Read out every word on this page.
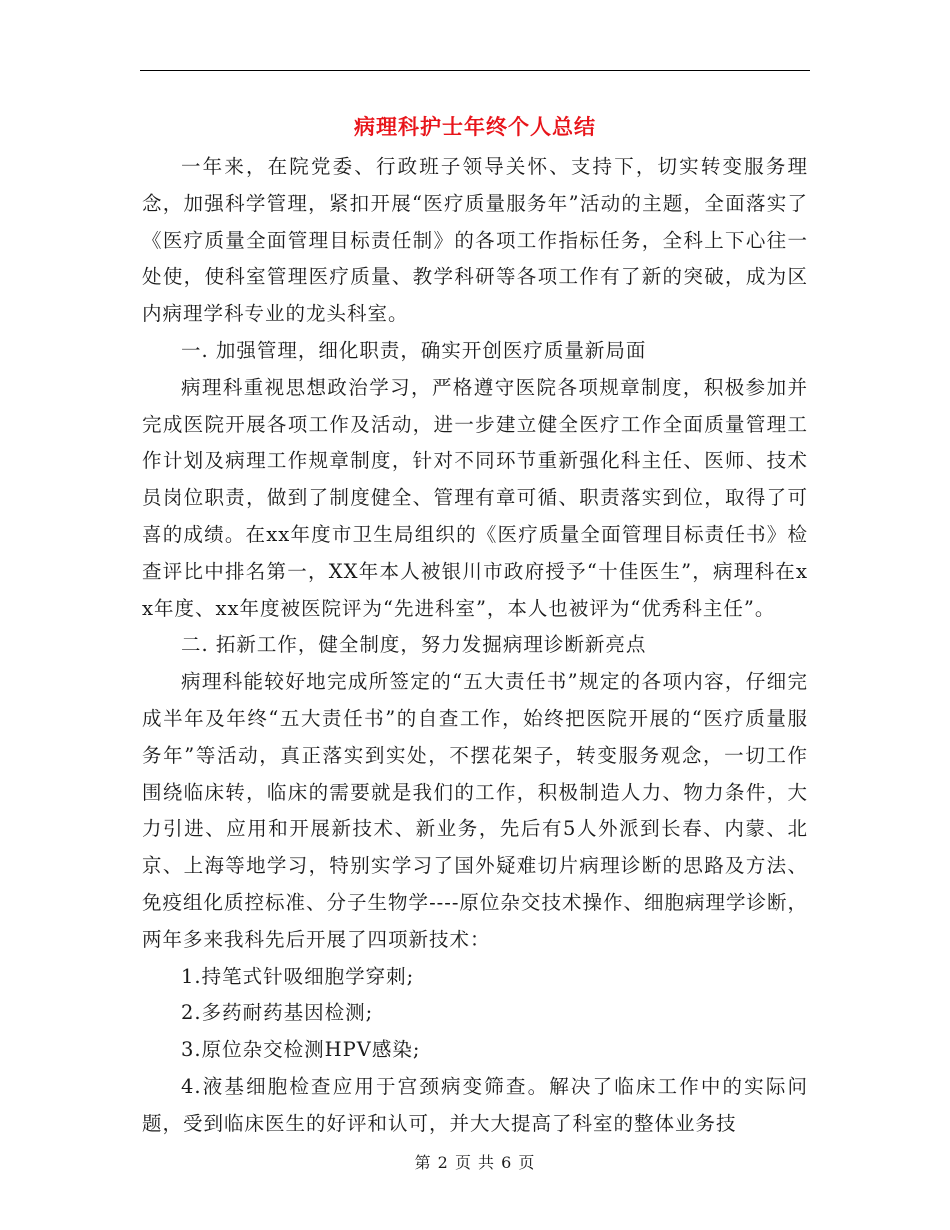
病理科护士年终个人总结

一年来，在院党委、行政班子领导关怀、支持下，切实转变服务理念，加强科学管理，紧扣开展“医疗质量服务年”活动的主题，全面落实了《医疗质量全面管理目标责任制》的各项工作指标任务，全科上下心往一处使，使科室管理医疗质量、教学科研等各项工作有了新的突破，成为区内病理学科专业的龙头科室。

一. 加强管理，细化职责，确实开创医疗质量新局面

病理科重视思想政治学习，严格遵守医院各项规章制度，积极参加并完成医院开展各项工作及活动，进一步建立健全医疗工作全面质量管理工作计划及病理工作规章制度，针对不同环节重新强化科主任、医师、技术员岗位职责，做到了制度健全、管理有章可循、职责落实到位，取得了可喜的成绩。在xx年度市卫生局组织的《医疗质量全面管理目标责任书》检查评比中排名第一，XX年本人被银川市政府授予“十佳医生”，病理科在xx年度、xx年度被医院评为“先进科室”，本人也被评为“优秀科主任”。

二. 拓新工作，健全制度，努力发掘病理诊断新亮点

病理科能较好地完成所签定的“五大责任书”规定的各项内容，仔细完成半年及年终“五大责任书”的自查工作，始终把医院开展的“医疗质量服务年”等活动，真正落实到实处，不摆花架子，转变服务观念，一切工作围绕临床转，临床的需要就是我们的工作，积极制造人力、物力条件，大力引进、应用和开展新技术、新业务，先后有5人外派到长春、内蒙、北京、上海等地学习，特别实学习了国外疑难切片病理诊断的思路及方法、免疫组化质控标准、分子生物学----原位杂交技术操作、细胞病理学诊断，两年多来我科先后开展了四项新技术：

1.持笔式针吸细胞学穿刺;

2.多药耐药基因检测;

3.原位杂交检测HPV感染;

4.液基细胞检查应用于宫颈病变筛查。解决了临床工作中的实际问题，受到临床医生的好评和认可，并大大提高了科室的整体业务技

第 2 页 共 6 页
